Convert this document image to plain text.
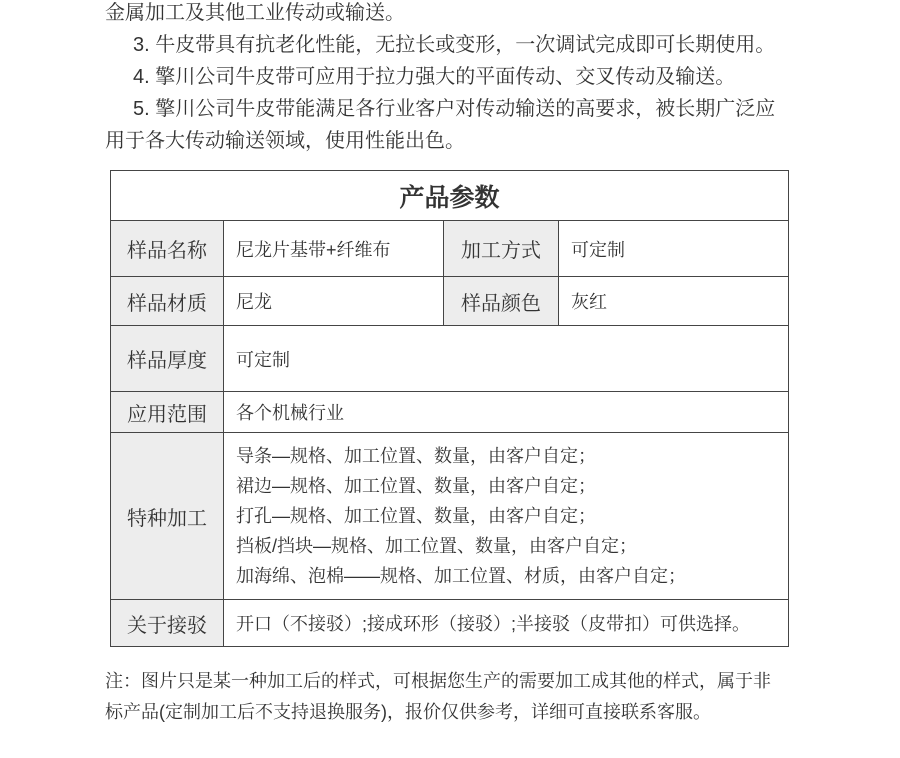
金属加工及其他工业传动或输送。

3. 牛皮带具有抗老化性能，无拉长或变形，一次调试完成即可长期使用。

4. 擎川公司牛皮带可应用于拉力强大的平面传动、交叉传动及输送。

5. 擎川公司牛皮带能满足各行业客户对传动输送的高要求，被长期广泛应

用于各大传动输送领域，使用性能出色。

产品参数			
样品名称	尼龙片基带+纤维布	加工方式	可定制
样品材质	尼龙	样品颜色	灰红
样品厚度	可定制		
应用范围	各个机械行业		
特种加工	导条—规格、加工位置、数量，由客户自定；
裙边—规格、加工位置、数量，由客户自定；
打孔—规格、加工位置、数量，由客户自定；
挡板/挡块—规格、加工位置、数量，由客户自定；
加海绵、泡棉——规格、加工位置、材质，由客户自定；		

关于接驳	开口（不接驳）;接成环形（接驳）;半接驳（皮带扣）可供选择。		

注：图片只是某一种加工后的样式，可根据您生产的需要加工成其他的样式，属于非

标产品(定制加工后不支持退换服务)，报价仅供参考，详细可直接联系客服。
